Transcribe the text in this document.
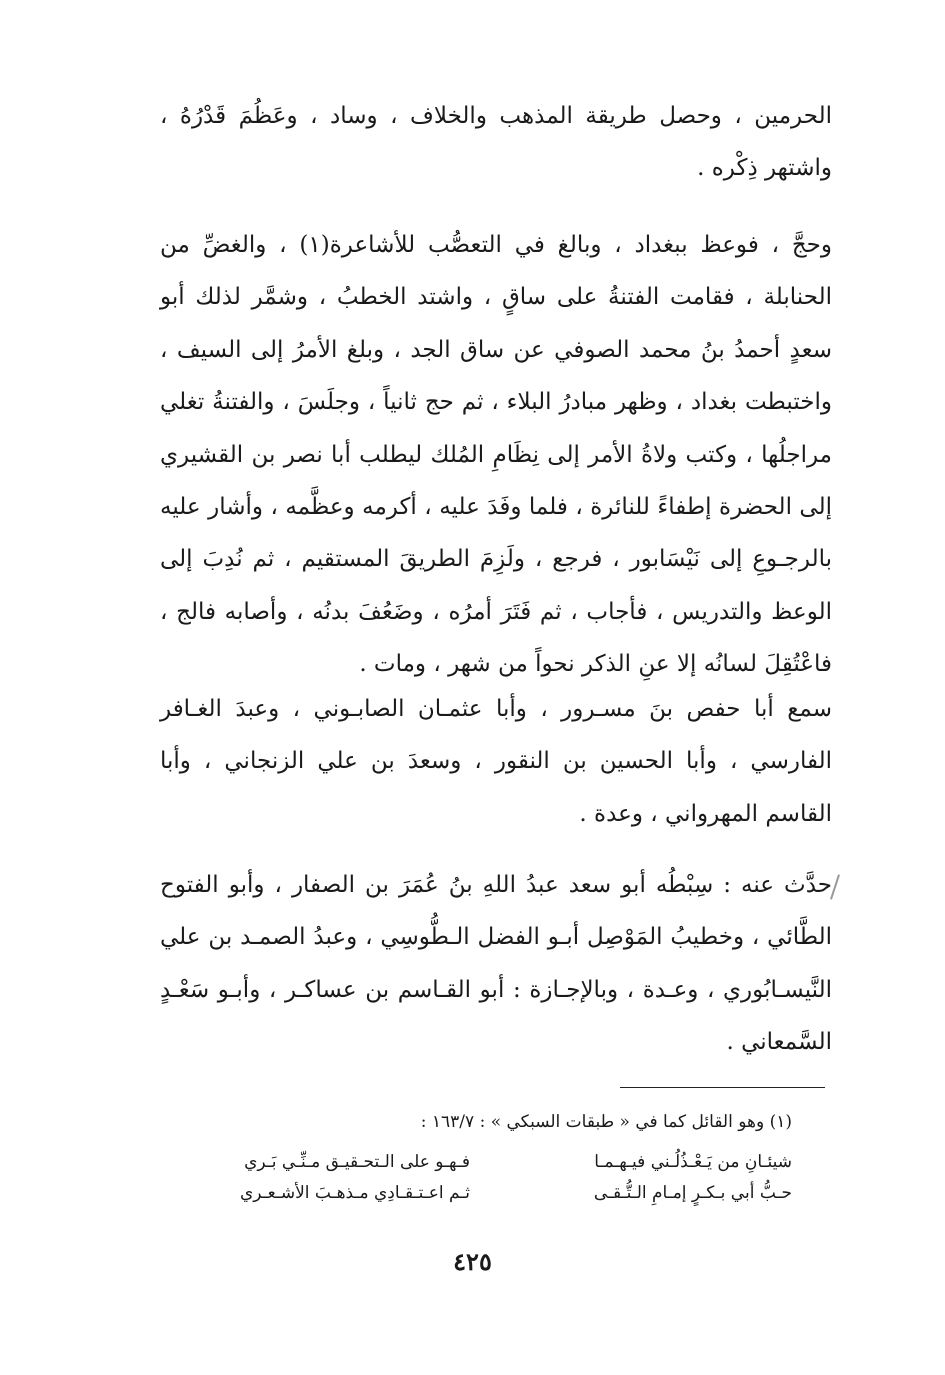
الحرمين ، وحصل طريقة المذهب والخلاف ، وساد ، وعَظُمَ قَدْرُهُ ، واشتهر ذِكْره .

وحجَّ ، فوعظ ببغداد ، وبالغ في التعصُّب للأشاعرة(١) ، والغضِّ من الحنابلة ، فقامت الفتنةُ على ساقٍ ، واشتد الخطبُ ، وشمَّر لذلك أبو سعدٍ أحمدُ بنُ محمد الصوفي عن ساق الجد ، وبلغ الأمرُ إلى السيف ، واختبطت بغداد ، وظهر مبادرُ البلاء ، ثم حج ثانياً ، وجلَسَ ، والفتنةُ تغلي مراجلُها ، وكتب ولاةُ الأمر إلى نِظَامِ المُلك ليطلب أبا نصر بن القشيري إلى الحضرة إطفاءً للنائرة ، فلما وفَدَ عليه ، أكرمه وعظَّمه ، وأشار عليه بالرجـوعِ إلى نَيْسَابور ، فرجع ، ولَزِمَ الطريقَ المستقيم ، ثم نُدِبَ إلى الوعظ والتدريس ، فأجاب ، ثم فَتَرَ أمرُه ، وضَعُفَ بدنُه ، وأصابه فالج ، فاعْتُقِلَ لسانُه إلا عنِ الذكر نحواً من شهر ، ومات .

سمع أبا حفص بنَ مسـرور ، وأبا عثمـان الصابـوني ، وعبدَ الغـافر الفارسي ، وأبا الحسين بن النقور ، وسعدَ بن علي الزنجاني ، وأبا القاسم المهرواني ، وعدة .

حدَّث عنه : سِبْطُه أبو سعد عبدُ اللهِ بنُ عُمَرَ بن الصفار ، وأبو الفتوح الطَّائي ، وخطيبُ المَوْصِل أبـو الفضل الـطُّوسِي ، وعبدُ الصمـد بن علي النَّيسـابُوري ، وعـدة ، وبالإجـازة : أبو القـاسم بن عساكـر ، وأبـو سَعْـدٍ السَّمعاني .

(١) وهو القائل كما في « طبقات السبكي » : ١٦٣/٧ :
شيئـانِ من يَـعْـذُلُـني فيـهـمـا
فـهـو على الـتحـقيـق مـنِّـي بَـري
حـبُّ أبي بـكـرٍ إمـامِ الـتُّـقـى
ثـم اعـتـقـادِي مـذهـبَ الأشـعـري
٤٢٥
